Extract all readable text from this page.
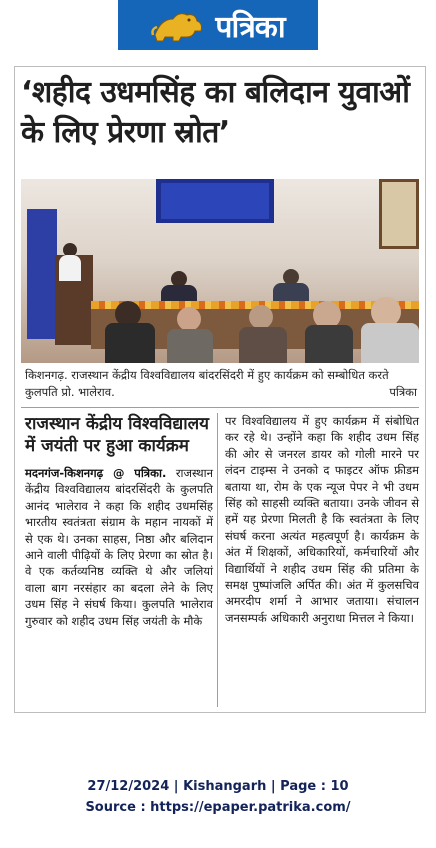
पत्रिका
‘शहीद उधमसिंह का बलिदान युवाओं के लिए प्रेरणा स्रोत’
किशनगढ़. राजस्थान केंद्रीय विश्वविद्यालय बांदरसिंदरी में हुए कार्यक्रम को सम्बोधित करते कुलपति प्रो. भालेराव.	पत्रिका
राजस्थान केंद्रीय विश्वविद्यालय में जयंती पर हुआ कार्यक्रम

मदनगंज-किशनगढ़ @ पत्रिका. राजस्थान केंद्रीय विश्वविद्यालय बांदरसिंदरी के कुलपति आनंद भालेराव ने कहा कि शहीद उधमसिंह भारतीय स्वतंत्रता संग्राम के महान नायकों में से एक थे। उनका साहस, निष्ठा और बलिदान आने वाली पीढ़ियों के लिए प्रेरणा का स्रोत है। वे एक कर्तव्यनिष्ठ व्यक्ति थे और जलियां वाला बाग नरसंहार का बदला लेने के लिए उधम सिंह ने संघर्ष किया। कुलपति भालेराव गुरुवार को शहीद उधम सिंह जयंती के मौके

पर विश्वविद्यालय में हुए कार्यक्रम में संबोधित कर रहे थे। उन्होंने कहा कि शहीद उधम सिंह की ओर से जनरल डायर को गोली मारने पर लंदन टाइम्स ने उनको द फाइटर ऑफ फ्रीडम बताया था, रोम के एक न्यूज पेपर ने भी उधम सिंह को साहसी व्यक्ति बताया। उनके जीवन से हमें यह प्रेरणा मिलती है कि स्वतंत्रता के लिए संघर्ष करना अत्यंत महत्वपूर्ण है। कार्यक्रम के अंत में शिक्षकों, अधिकारियों, कर्मचारियों और विद्यार्थियों ने शहीद उधम सिंह की प्रतिमा के समक्ष पुष्पांजलि अर्पित की। अंत में कुलसचिव अमरदीप शर्मा ने आभार जताया। संचालन जनसम्पर्क अधिकारी अनुराधा मित्तल ने किया।

27/12/2024 | Kishangarh | Page : 10
Source : https://epaper.patrika.com/
